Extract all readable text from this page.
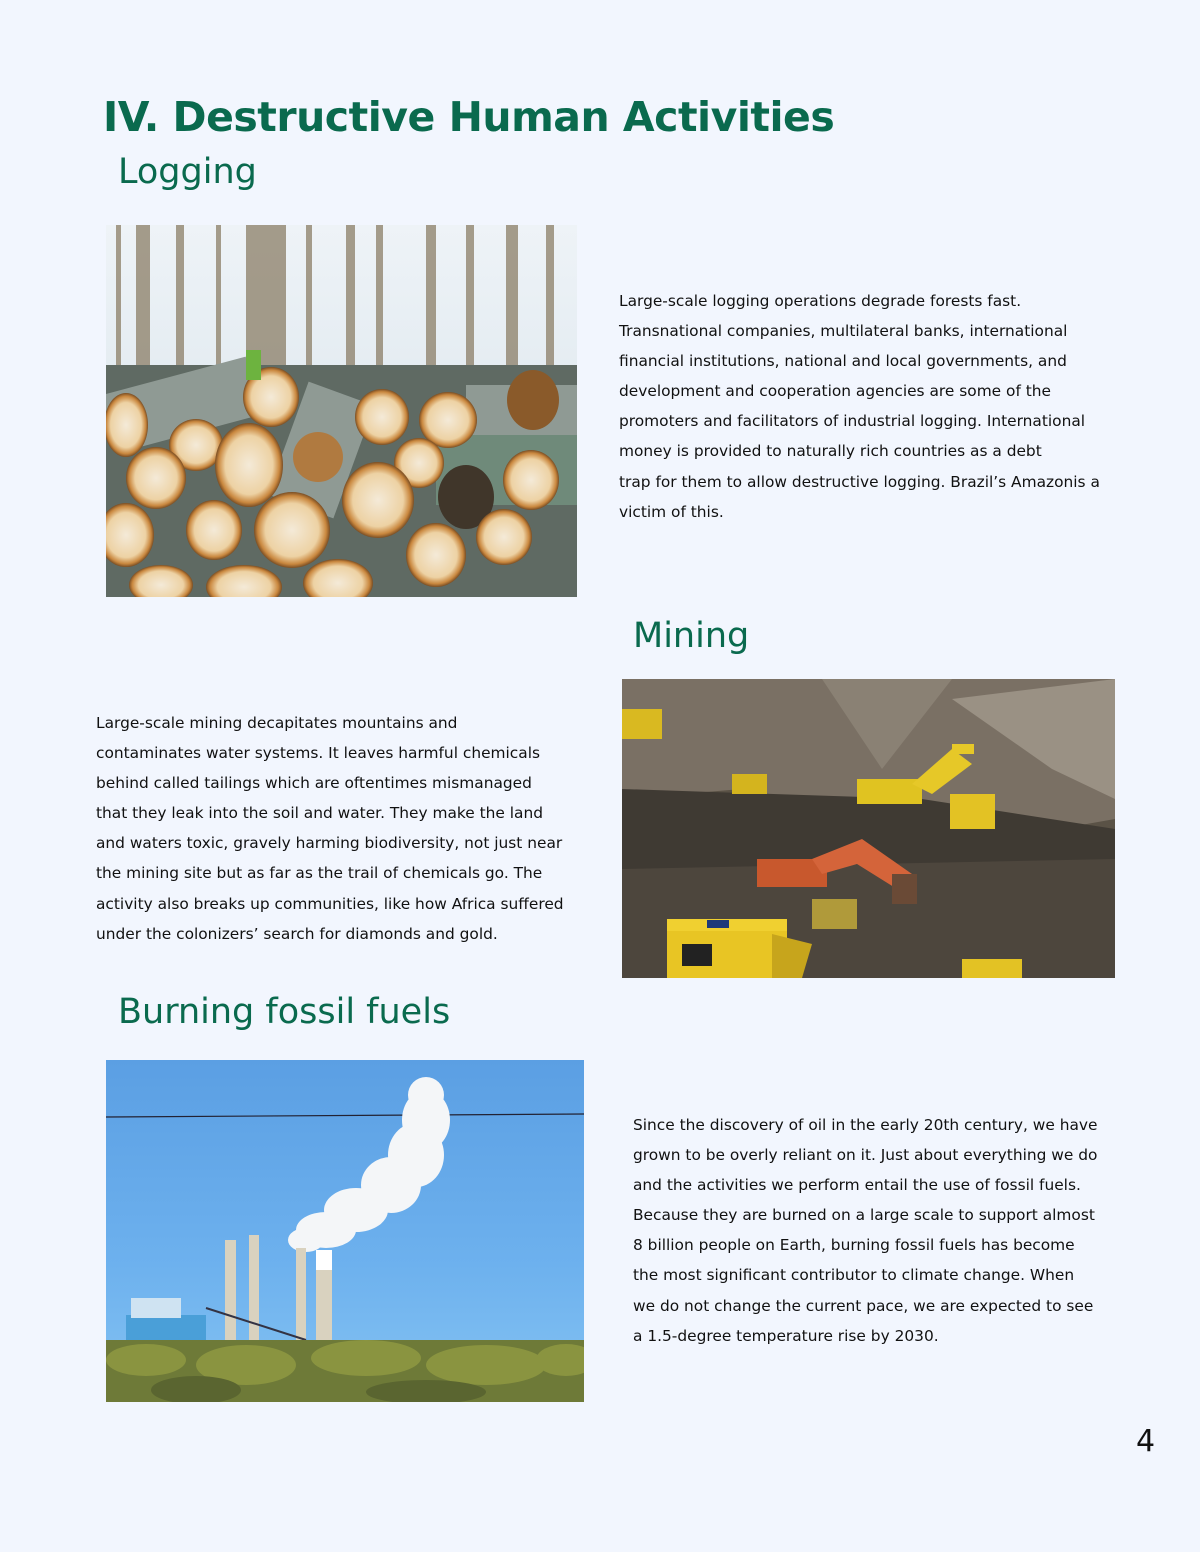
IV. Destructive Human Activities
Logging

Large-scale logging operations degrade forests fast.

Transnational companies, multilateral banks, international

financial institutions, national and local governments, and

development and cooperation agencies are some of the

promoters and facilitators of industrial logging. International

money is provided to naturally rich countries as a debt

trap for them to allow destructive logging. Brazil’s Amazonis a

victim of this.

Mining

Large-scale mining decapitates mountains and

contaminates water systems. It leaves harmful chemicals

behind called tailings which are oftentimes mismanaged

that they leak into the soil and water. They make the land

and waters toxic, gravely harming biodiversity, not just near

the mining site but as far as the trail of chemicals go. The

activity also breaks up communities, like how Africa suffered

under the colonizers’ search for diamonds and gold.

Burning fossil fuels

Since the discovery of oil in the early 20th century, we have

grown to be overly reliant on it. Just about everything we do

and the activities we perform entail the use of fossil fuels.

Because they are burned on a large scale to support almost

8 billion people on Earth, burning fossil fuels has become

the most significant contributor to climate change. When

we do not change the current pace, we are expected to see

a 1.5-degree temperature rise by 2030.

4
